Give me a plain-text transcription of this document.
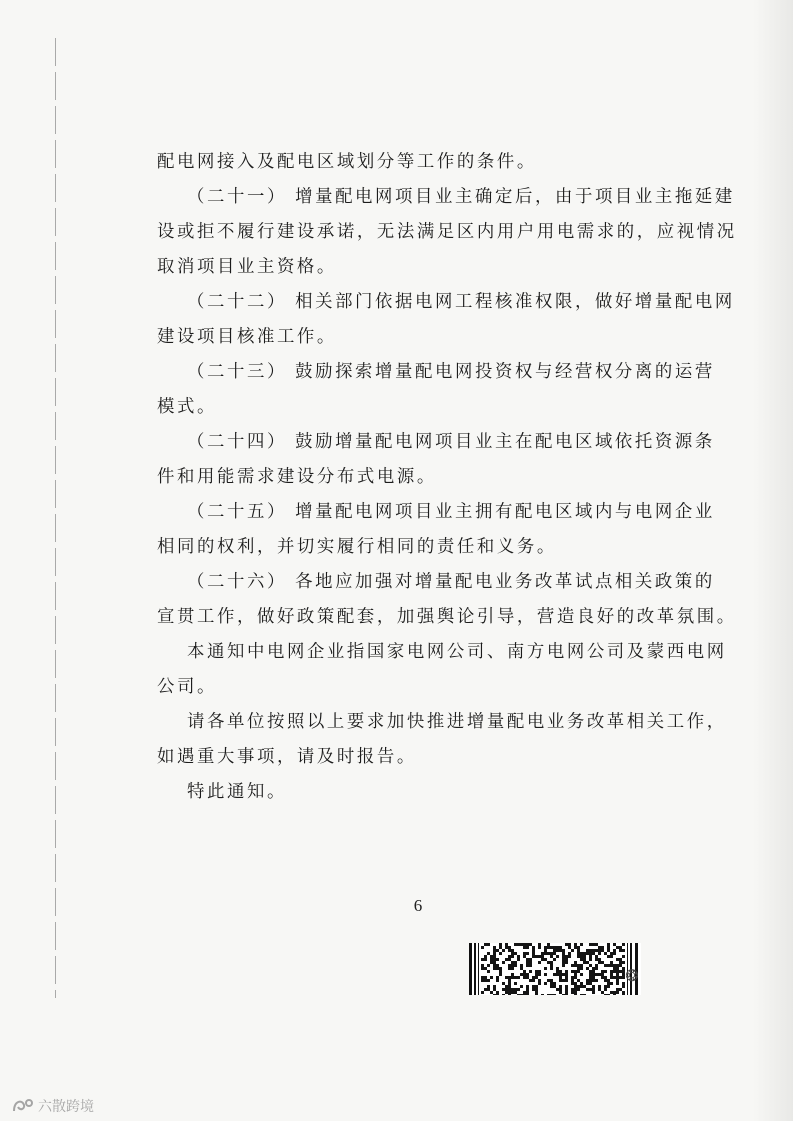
配电网接入及配电区域划分等工作的条件。
（二十一） 增量配电网项目业主确定后，由于项目业主拖延建
设或拒不履行建设承诺，无法满足区内用户用电需求的，应视情况
取消项目业主资格。
（二十二） 相关部门依据电网工程核准权限，做好增量配电网
建设项目核准工作。
（二十三） 鼓励探索增量配电网投资权与经营权分离的运营
模式。
（二十四） 鼓励增量配电网项目业主在配电区域依托资源条
件和用能需求建设分布式电源。
（二十五） 增量配电网项目业主拥有配电区域内与电网企业
相同的权利，并切实履行相同的责任和义务。
（二十六） 各地应加强对增量配电业务改革试点相关政策的
宣贯工作，做好政策配套，加强舆论引导，营造良好的改革氛围。
本通知中电网企业指国家电网公司、南方电网公司及蒙西电网
公司。
请各单位按照以上要求加快推进增量配电业务改革相关工作，
如遇重大事项，请及时报告。
特此通知。
6
❂
六散跨境
